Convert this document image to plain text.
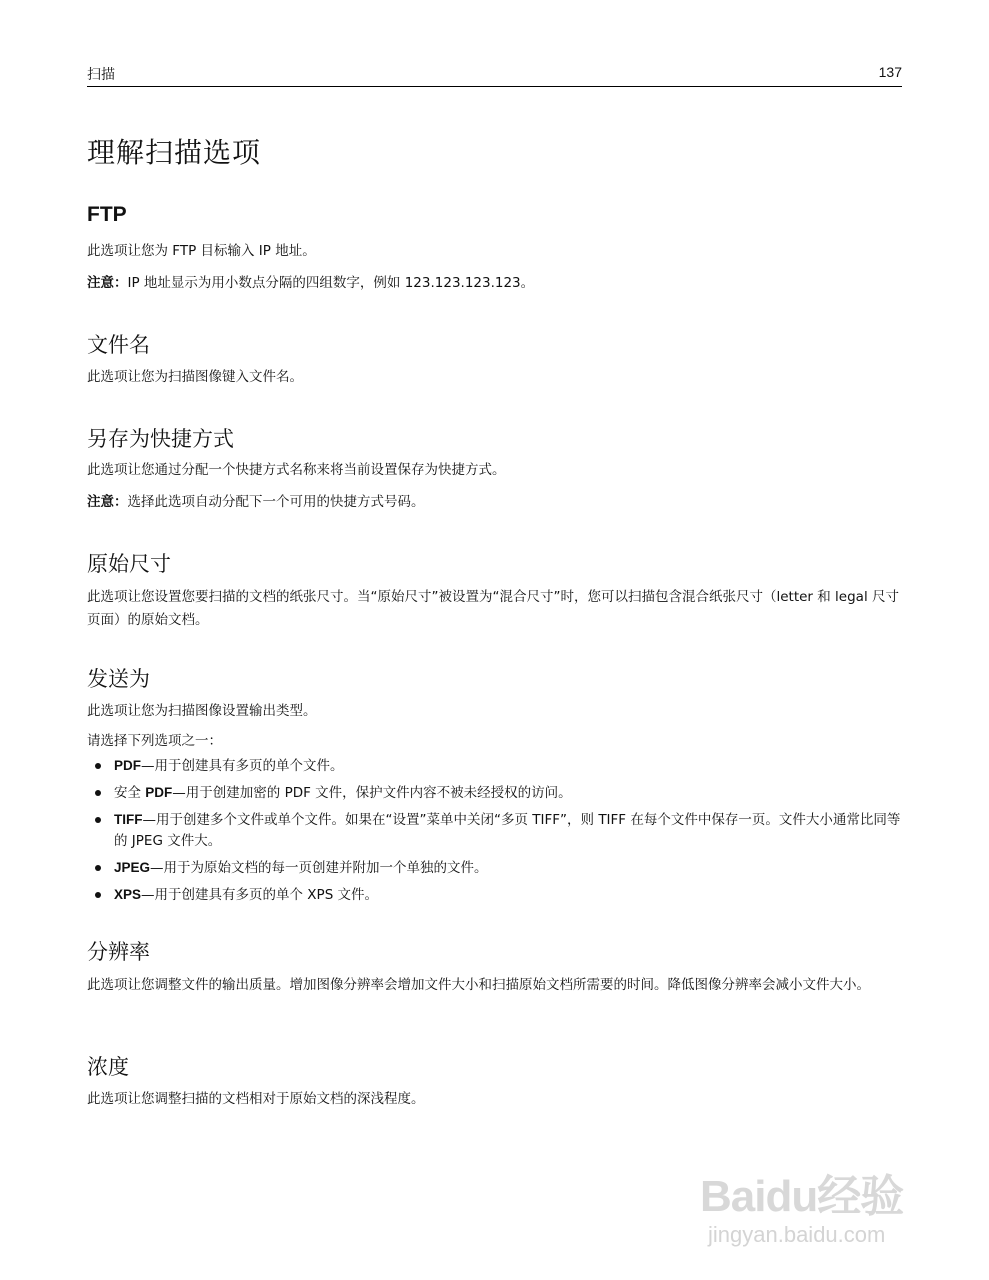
扫描	137
理解扫描选项
FTP

此选项让您为 FTP 目标输入 IP 地址。

注意：IP 地址显示为用小数点分隔的四组数字，例如 123.123.123.123。

文件名

此选项让您为扫描图像键入文件名。

另存为快捷方式

此选项让您通过分配一个快捷方式名称来将当前设置保存为快捷方式。

注意：选择此选项自动分配下一个可用的快捷方式号码。

原始尺寸

此选项让您设置您要扫描的文档的纸张尺寸。当“原始尺寸”被设置为“混合尺寸”时，您可以扫描包含混合纸张尺寸（letter 和 legal 尺寸页面）的原始文档。

发送为

此选项让您为扫描图像设置输出类型。

请选择下列选项之一：

PDF—用于创建具有多页的单个文件。
安全 PDF—用于创建加密的 PDF 文件，保护文件内容不被未经授权的访问。
TIFF—用于创建多个文件或单个文件。如果在“设置”菜单中关闭“多页 TIFF”，则 TIFF 在每个文件中保存一页。文件大小通常比同等的 JPEG 文件大。
JPEG—用于为原始文档的每一页创建并附加一个单独的文件。
XPS—用于创建具有多页的单个 XPS 文件。
分辨率

此选项让您调整文件的输出质量。增加图像分辨率会增加文件大小和扫描原始文档所需要的时间。降低图像分辨率会减小文件大小。

浓度

此选项让您调整扫描的文档相对于原始文档的深浅程度。

Baidu经验
jingyan.baidu.com
